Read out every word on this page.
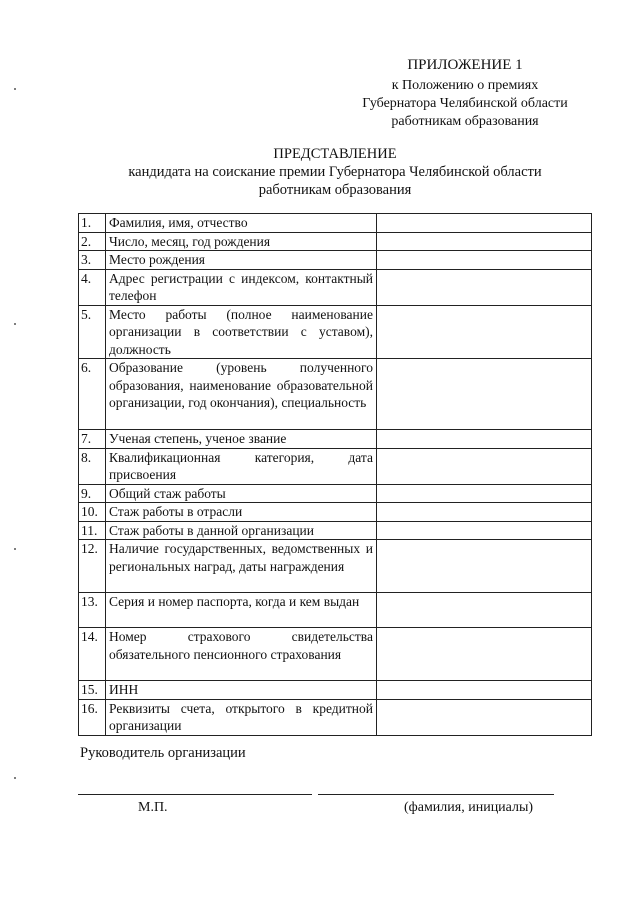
ПРИЛОЖЕНИЕ 1
к Положению о премиях
Губернатора Челябинской области
работникам образования
ПРЕДСТАВЛЕНИЕ
кандидата на соискание премии Губернатора Челябинской области
работникам образования
1.	Фамилия, имя, отчество	
2.	Число, месяц, год рождения	
3.	Место рождения	
4.	Адрес регистрации с индексом, контактный телефон	
5.	Место работы (полное наименование организации в соответствии с уставом), должность	
6.	Образование (уровень полученного образования, наименование образовательной организации, год окончания), специальность	
7.	Ученая степень, ученое звание	
8.	Квалификационная категория, дата присвоения	
9.	Общий стаж работы	
10.	Стаж работы в отрасли	
11.	Стаж работы в данной организации	
12.	Наличие государственных, ведомственных и региональных наград, даты награждения	
13.	Серия и номер паспорта, когда и кем выдан	
14.	Номер страхового свидетельства обязательного пенсионного страхования	
15.	ИНН	
16.	Реквизиты счета, открытого в кредитной организации	
Руководитель организации
М.П.	(фамилия, инициалы)
